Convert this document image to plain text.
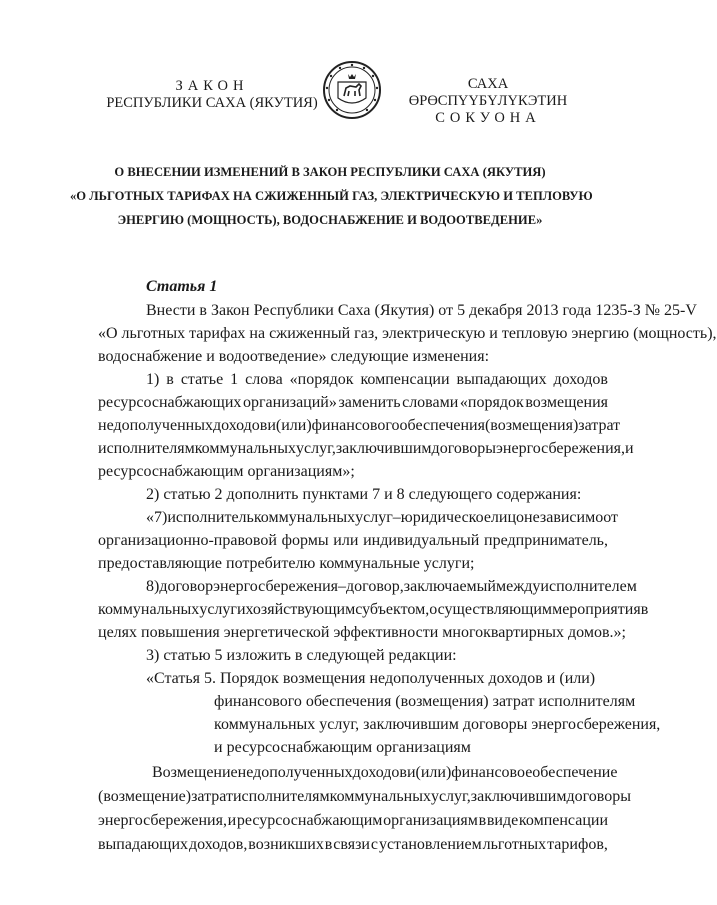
ЗАКОН
РЕСПУБЛИКИ САХА (ЯКУТИЯ)
САХА ӨРӨСПҮҮБҮЛҮКЭТИН
СОКУОНА
О ВНЕСЕНИИ ИЗМЕНЕНИЙ В ЗАКОН РЕСПУБЛИКИ САХА (ЯКУТИЯ)
«О ЛЬГОТНЫХ ТАРИФАХ НА СЖИЖЕННЫЙ ГАЗ, ЭЛЕКТРИЧЕСКУЮ И ТЕПЛОВУЮ
ЭНЕРГИЮ (МОЩНОСТЬ), ВОДОСНАБЖЕНИЕ И ВОДООТВЕДЕНИЕ»
Статья 1
Внести в Закон Республики Саха (Якутия) от 5 декабря 2013 года 1235-З № 25-V
«О льготных тарифах на сжиженный газ, электрическую и тепловую энергию (мощность),
водоснабжение и водоотведение» следующие изменения:
1) в статье 1 слова «порядок компенсации выпадающих доходов
ресурсоснабжающих организаций» заменить словами «порядок возмещения
недополученных доходов и (или) финансового обеспечения (возмещения) затрат
исполнителям коммунальных услуг, заключившим договоры энергосбережения, и
ресурсоснабжающим организациям»;
2) статью 2 дополнить пунктами 7 и 8 следующего содержания:
«7) исполнитель коммунальных услуг – юридическое лицо независимо от
организационно-правовой формы или индивидуальный предприниматель,
предоставляющие потребителю коммунальные услуги;
8) договор энергосбережения – договор, заключаемый между исполнителем
коммунальных услуг и хозяйствующим субъектом, осуществляющим мероприятия в
целях повышения энергетической эффективности многоквартирных домов.»;
3) статью 5 изложить в следующей редакции:
«Статья 5. Порядок возмещения недополученных доходов и (или)
финансового обеспечения (возмещения) затрат исполнителям
коммунальных услуг, заключившим договоры энергосбережения,
и ресурсоснабжающим организациям
Возмещение недополученных доходов и (или) финансовое обеспечение
(возмещение) затрат исполнителям коммунальных услуг, заключившим договоры
энергосбережения, и ресурсоснабжающим организациям в виде компенсации
выпадающих доходов, возникших в связи с установлением льготных тарифов,
